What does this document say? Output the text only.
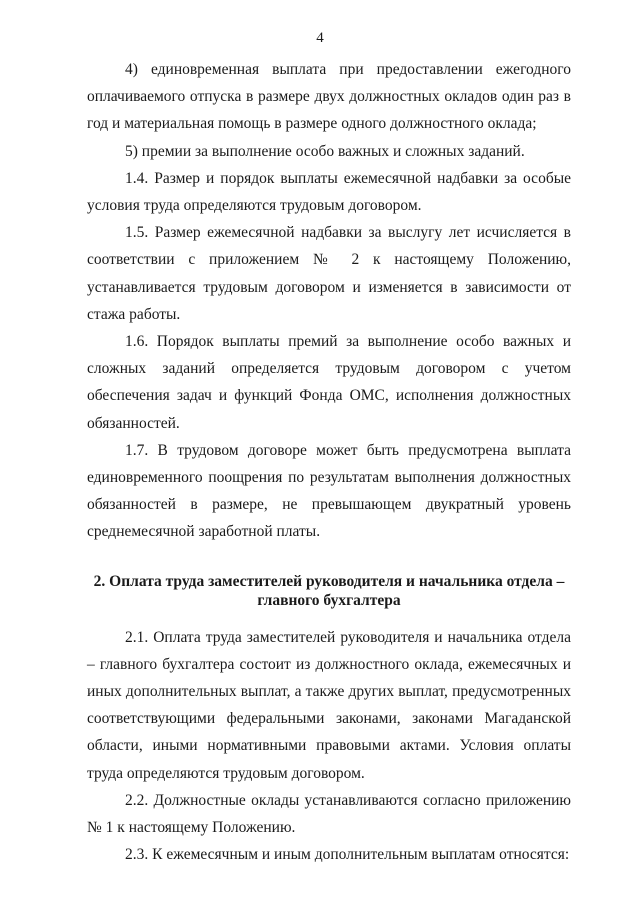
4

4) единовременная выплата при предоставлении ежегодного оплачиваемого отпуска в размере двух должностных окладов один раз в год и материальная помощь в размере одного должностного оклада;

5) премии за выполнение особо важных и сложных заданий.

1.4. Размер и порядок выплаты ежемесячной надбавки за особые условия труда определяются трудовым договором.

1.5. Размер ежемесячной надбавки за выслугу лет исчисляется в соответствии с приложением № 2 к настоящему Положению, устанавливается трудовым договором и изменяется в зависимости от стажа работы.

1.6. Порядок выплаты премий за выполнение особо важных и сложных заданий определяется трудовым договором с учетом обеспечения задач и функций Фонда ОМС, исполнения должностных обязанностей.

1.7. В трудовом договоре может быть предусмотрена выплата единовременного поощрения по результатам выполнения должностных обязанностей в размере, не превышающем двукратный уровень среднемесячной заработной платы.

2. Оплата труда заместителей руководителя и начальника отдела – главного бухгалтера

2.1. Оплата труда заместителей руководителя и начальника отдела – главного бухгалтера состоит из должностного оклада, ежемесячных и иных дополнительных выплат, а также других выплат, предусмотренных соответствующими федеральными законами, законами Магаданской области, иными нормативными правовыми актами. Условия оплаты труда определяются трудовым договором.

2.2. Должностные оклады устанавливаются согласно приложению № 1 к настоящему Положению.

2.3. К ежемесячным и иным дополнительным выплатам относятся:
